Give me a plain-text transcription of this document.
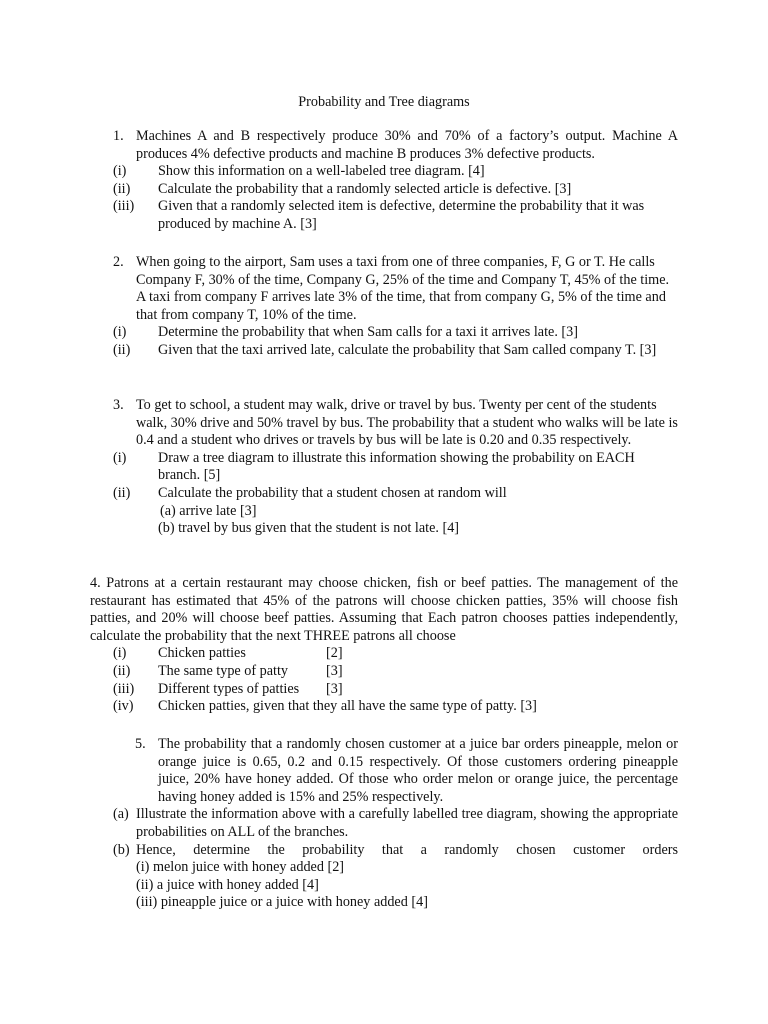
Probability and Tree diagrams
1. Machines A and B respectively produce 30% and 70% of a factory’s output. Machine A produces 4% defective products and machine B produces 3% defective products.
(i) Show this information on a well-labeled tree diagram. [4]
(ii) Calculate the probability that a randomly selected article is defective. [3]
(iii) Given that a randomly selected item is defective, determine the probability that it was produced by machine A. [3]
2. When going to the airport, Sam uses a taxi from one of three companies, F, G or T. He calls Company F, 30% of the time, Company G, 25% of the time and Company T, 45% of the time. A taxi from company F arrives late 3% of the time, that from company G, 5% of the time and that from company T, 10% of the time.
(i) Determine the probability that when Sam calls for a taxi it arrives late. [3]
(ii) Given that the taxi arrived late, calculate the probability that Sam called company T. [3]
3. To get to school, a student may walk, drive or travel by bus. Twenty per cent of the students walk, 30% drive and 50% travel by bus. The probability that a student who walks will be late is 0.4 and a student who drives or travels by bus will be late is 0.20 and 0.35 respectively.
(i) Draw a tree diagram to illustrate this information showing the probability on EACH branch. [5]
(ii) Calculate the probability that a student chosen at random will
(a) arrive late [3]
(b) travel by bus given that the student is not late. [4]
4. Patrons at a certain restaurant may choose chicken, fish or beef patties. The management of the restaurant has estimated that 45% of the patrons will choose chicken patties, 35% will choose fish patties, and 20% will choose beef patties. Assuming that Each patron chooses patties independently, calculate the probability that the next THREE patrons all choose
(i) Chicken patties	[2]
(ii) The same type of patty	[3]
(iii) Different types of patties [3]
(iv) Chicken patties, given that they all have the same type of patty. [3]
5. The probability that a randomly chosen customer at a juice bar orders pineapple, melon or orange juice is 0.65, 0.2 and 0.15 respectively. Of those customers ordering pineapple juice, 20% have honey added. Of those who order melon or orange juice, the percentage having honey added is 15% and 25% respectively.
(a) Illustrate the information above with a carefully labelled tree diagram, showing the appropriate probabilities on ALL of the branches.
(b) Hence, determine the probability that a randomly chosen customer orders
(i) melon juice with honey added [2]
(ii) a juice with honey added [4]
(iii) pineapple juice or a juice with honey added [4]
